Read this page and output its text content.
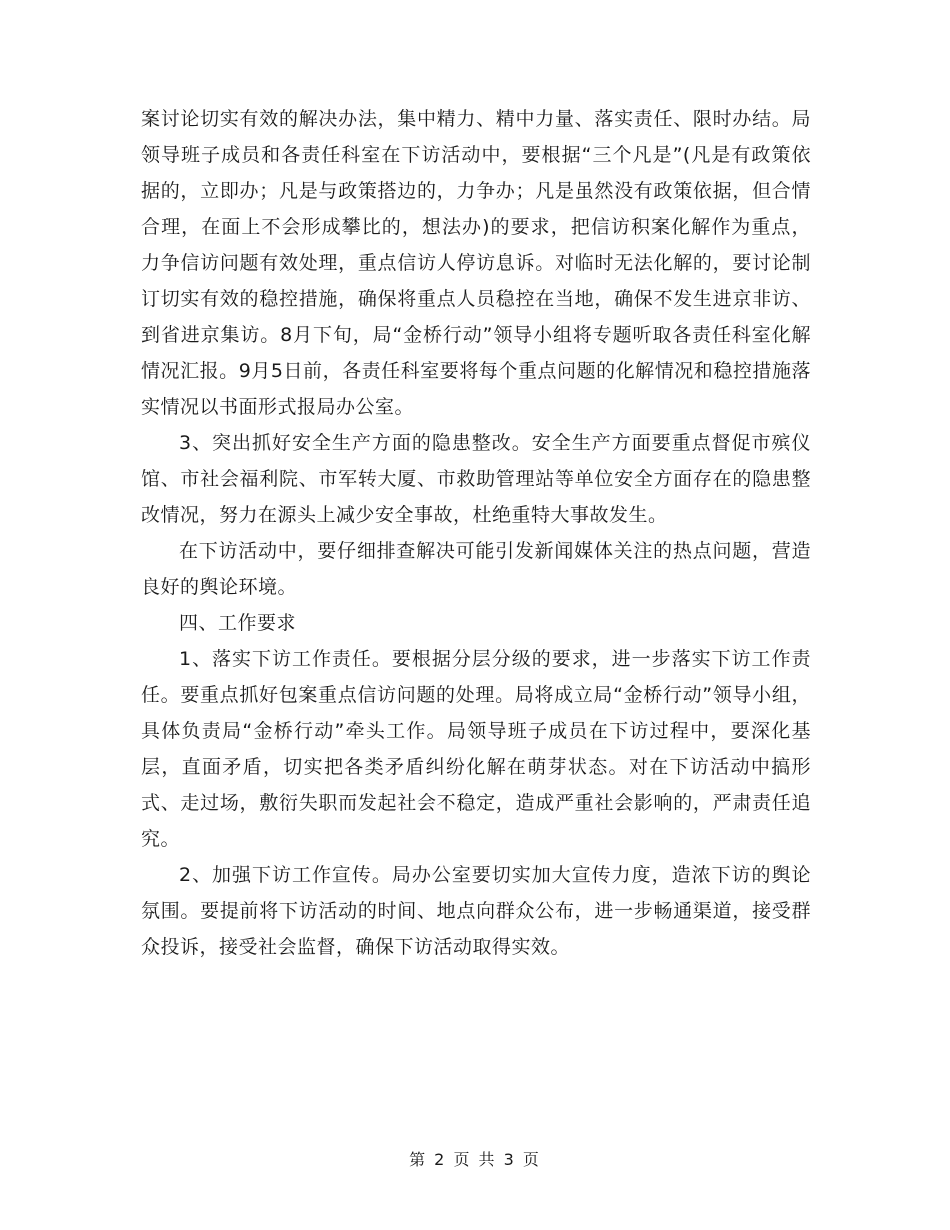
案讨论切实有效的解决办法，集中精力、精中力量、落实责任、限时办结。局领导班子成员和各责任科室在下访活动中，要根据“三个凡是”(凡是有政策依据的，立即办；凡是与政策搭边的，力争办；凡是虽然没有政策依据，但合情合理，在面上不会形成攀比的，想法办)的要求，把信访积案化解作为重点，力争信访问题有效处理，重点信访人停访息诉。对临时无法化解的，要讨论制订切实有效的稳控措施，确保将重点人员稳控在当地，确保不发生进京非访、到省进京集访。8月下旬，局“金桥行动”领导小组将专题听取各责任科室化解情况汇报。9月5日前，各责任科室要将每个重点问题的化解情况和稳控措施落实情况以书面形式报局办公室。

3、突出抓好安全生产方面的隐患整改。安全生产方面要重点督促市殡仪馆、市社会福利院、市军转大厦、市救助管理站等单位安全方面存在的隐患整改情况，努力在源头上减少安全事故，杜绝重特大事故发生。

在下访活动中，要仔细排查解决可能引发新闻媒体关注的热点问题，营造良好的舆论环境。

四、工作要求

1、落实下访工作责任。要根据分层分级的要求，进一步落实下访工作责任。要重点抓好包案重点信访问题的处理。局将成立局“金桥行动”领导小组，具体负责局“金桥行动”牵头工作。局领导班子成员在下访过程中，要深化基层，直面矛盾，切实把各类矛盾纠纷化解在萌芽状态。对在下访活动中搞形式、走过场，敷衍失职而发起社会不稳定，造成严重社会影响的，严肃责任追究。

2、加强下访工作宣传。局办公室要切实加大宣传力度，造浓下访的舆论氛围。要提前将下访活动的时间、地点向群众公布，进一步畅通渠道，接受群众投诉，接受社会监督，确保下访活动取得实效。

第 2 页 共 3 页
